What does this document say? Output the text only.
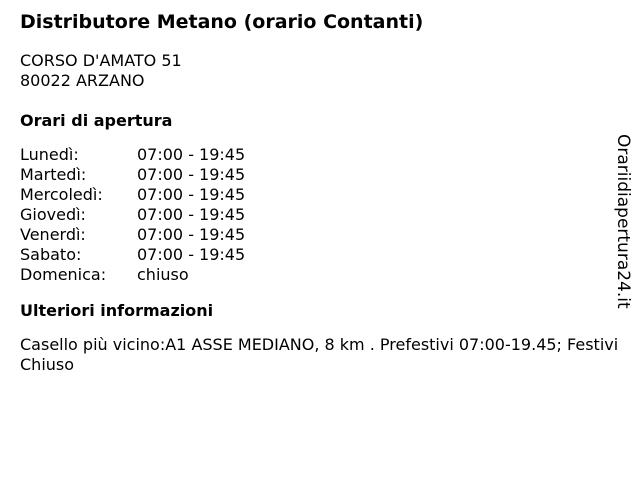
Distributore Metano (orario Contanti)
CORSO D'AMATO 51
80022 ARZANO
Orari di apertura
Lunedì:	07:00 - 19:45
Martedì:	07:00 - 19:45
Mercoledì:	07:00 - 19:45
Giovedì:	07:00 - 19:45
Venerdì:	07:00 - 19:45
Sabato:	07:00 - 19:45
Domenica:	chiuso
Ulteriori informazioni
Casello più vicino:A1 ASSE MEDIANO, 8 km . Prefestivi 07:00-19.45; Festivi Chiuso
Orariidiapertura24.it
